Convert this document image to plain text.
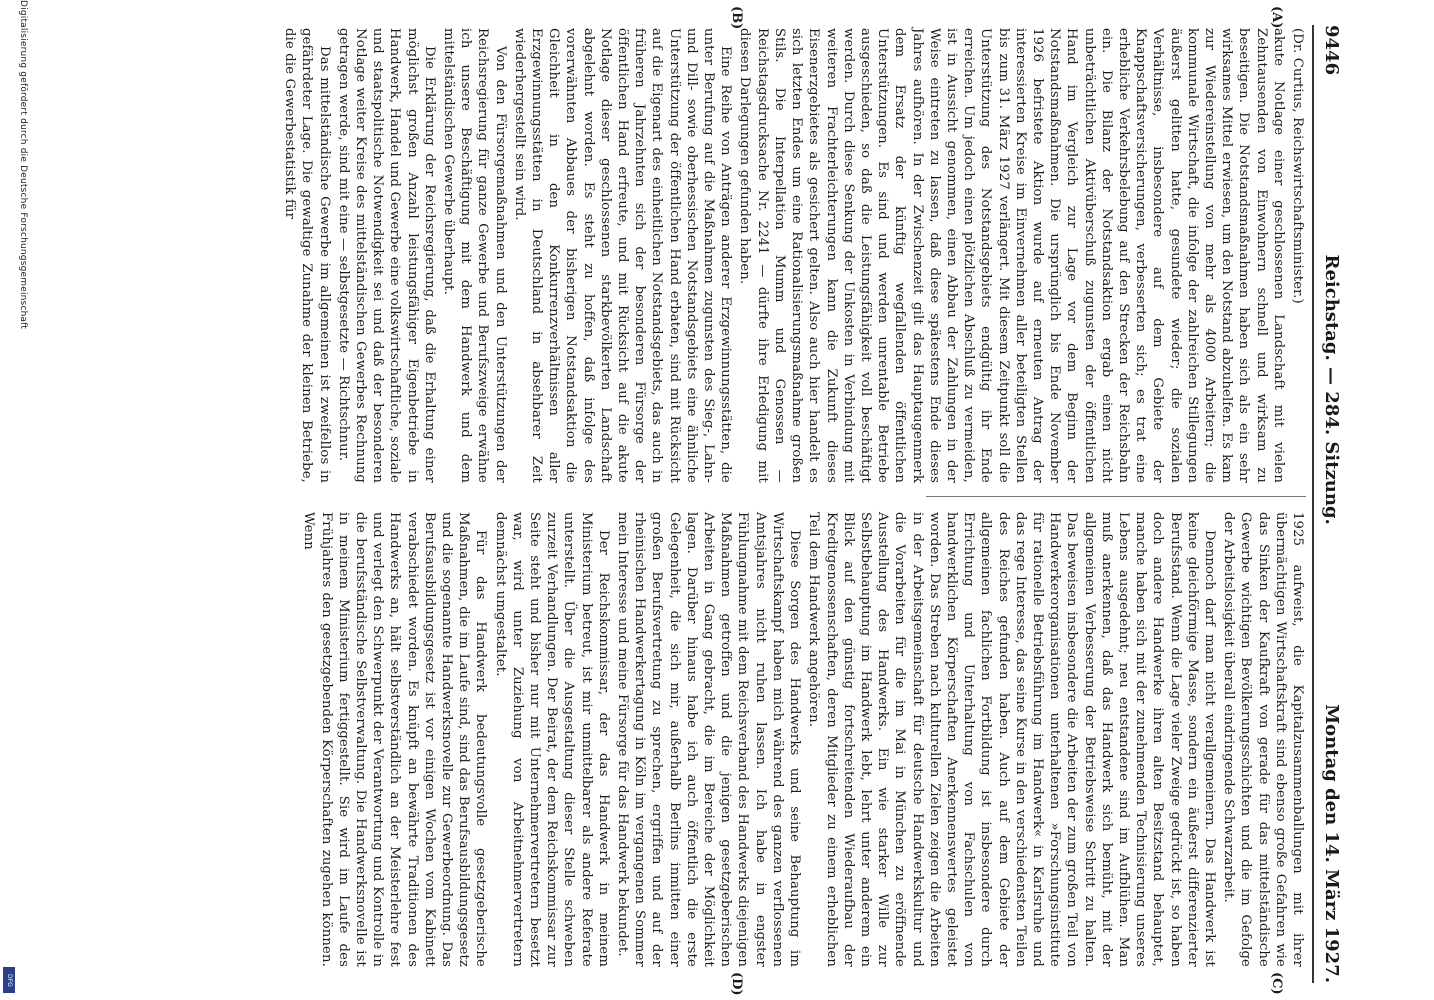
9446
Reichstag. — 284. Sitzung.
Montag den 14. März 1927.
(A)
(B)
(C)
(D)

(Dr. Curtius, Reichswirtschaftsminister.)

akute Notlage einer geschlossenen Landschaft mit vielen Zehntausenden von Einwohnern schnell und wirksam zu beseitigen. Die Notstandsmaßnahmen haben sich als ein sehr wirksames Mittel erwiesen, um den Notstand abzuhelfen. Es kam zur Wiedereinstellung von mehr als 4000 Arbeitern; die kommunale Wirtschaft, die infolge der zahlreichen Stillegungen äußerst gelitten hatte, gesundete wieder; die sozialen Verhältnisse, insbesondere auf dem Gebiete der Knappschaftsversicherungen, verbesserten sich; es trat eine erhebliche Verkehrsbelebung auf den Strecken der Reichsbahn ein. Die Bilanz der Notstandsaktion ergab einen nicht unbeträchtlichen Aktivüberschuß zugunsten der öffentlichen Hand im Vergleich zur Lage vor dem Beginn der Notstandsmaßnahmen. Die ursprünglich bis Ende November 1926 befristete Aktion wurde auf erneuten Antrag der interessierten Kreise im Einvernehmen aller beteiligten Stellen bis zum 31. März 1927 verlängert. Mit diesem Zeitpunkt soll die Unterstützung des Notstandsgebiets endgültig ihr Ende erreichen. Um jedoch einen plötzlichen Abschluß zu vermeiden, ist in Aussicht genommen, einen Abbau der Zahlungen in der Weise eintreten zu lassen, daß diese spätestens Ende dieses Jahres aufhören. In der Zwischenzeit gilt das Hauptaugenmerk dem Ersatz der künftig wegfallenden öffentlichen Unterstützungen. Es sind und werden unrentable Betriebe ausgeschieden, so daß die Leistungsfähigkeit voll beschäftigt werden. Durch diese Senkung der Unkosten in Verbindung mit weiteren Frachterleichterungen kann die Zukunft dieses Eisenerzgebietes als gesichert gelten. Also auch hier handelt es sich letzten Endes um eine Rationalisierungsmaßnahme großen Stils. Die Interpellation Mumm und Genossen — Reichstagsdrucksache Nr. 2241 — dürfte ihre Erledigung mit diesen Darlegungen gefunden haben.

Eine Reihe von Anträgen anderer Erzgewinnungsstätten, die unter Berufung auf die Maßnahmen zugunsten des Sieg-, Lahn- und Dill- sowie oberhessischen Notstandsgebiets eine ähnliche Unterstützung der öffentlichen Hand erbaten, sind mit Rücksicht auf die Eigenart des einheitlichen Notstandsgebiets, das auch in früheren Jahrzehnten sich der besonderen Fürsorge der öffentlichen Hand erfreute, und mit Rücksicht auf die akute Notlage dieser geschlossenen starkbevölkerten Landschaft abgelehnt worden. Es steht zu hoffen, daß infolge des vorerwähnten Abbaues der bisherigen Notstandsaktion die Gleichheit in den Konkurrenzverhältnissen aller Erzgewinnungsstätten in Deutschland in absehbarer Zeit wiederhergestellt sein wird.

Von den Fürsorgemaßnahmen und den Unterstützungen der Reichsregierung für ganze Gewerbe und Berufszweige erwähne ich unsere Beschäftigung mit dem Handwerk und dem mittelständischen Gewerbe überhaupt.

Die Erklärung der Reichsregierung, daß die Erhaltung einer möglichst großen Anzahl leistungsfähiger Eigenbetriebe in Handwerk, Handel und Gewerbe eine volkswirtschaftliche, soziale und staatspolitische Notwendigkeit sei und daß der besonderen Notlage weiter Kreise des mittelständischen Gewerbes Rechnung getragen werde, sind mit eine — selbstgesetzte — Richtschnur.

Das mittelständische Gewerbe im allgemeinen ist zweifellos in gefährdeter Lage. Die gewaltige Zunahme der kleinen Betriebe, die die Gewerbestatistik für

1925 aufweist, die Kapitalzusammenballungen mit ihrer übermächtigen Wirtschaftskraft sind ebenso große Gefahren wie das Sinken der Kaufkraft von gerade für das mittelständische Gewerbe wichtigen Bevölkerungsschichten und die im Gefolge der Arbeitslosigkeit überall eindringende Schwarzarbeit.

Dennoch darf man nicht verallgemeinern. Das Handwerk ist keine gleichförmige Masse, sondern ein äußerst differenzierter Berufsstand. Wenn die Lage vieler Zweige gedrückt ist, so haben doch andere Handwerke ihren alten Besitzstand behauptet, manche haben sich mit der zunehmenden Technisierung unseres Lebens ausgedehnt; neu entstandene sind im Aufblühen. Man muß anerkennen, daß das Handwerk sich bemüht, mit der allgemeinen Verbesserung der Betriebsweise Schritt zu halten. Das beweisen insbesondere die Arbeiten der zum großen Teil von Handwerkerorganisationen unterhaltenen »Forschungsinstitute für rationelle Betriebsführung im Handwerk« in Karlsruhe und das rege Interesse, das seine Kurse in den verschiedensten Teilen des Reiches gefunden haben. Auch auf dem Gebiete der allgemeinen fachlichen Fortbildung ist insbesondere durch Errichtung und Unterhaltung von Fachschulen von handwerklichen Körperschaften Anerkennenswertes geleistet worden. Das Streben nach kulturellen Zielen zeigen die Arbeiten in der Arbeitsgemeinschaft für deutsche Handwerkskultur und die Vorarbeiten für die im Mai in München zu eröffnende Ausstellung des Handwerks. Ein wie starker Wille zur Selbstbehauptung im Handwerk lebt, lehrt unter anderem ein Blick auf den günstig fortschreitenden Wiederaufbau der Kreditgenossenschaften, deren Mitglieder zu einem erheblichen Teil dem Handwerk angehören.

Diese Sorgen des Handwerks und seine Behauptung im Wirtschaftskampf haben mich während des ganzen verflossenen Amtsjahres nicht ruhen lassen. Ich habe in engster Fühlungnahme mit dem Reichsverband des Handwerks diejenigen Maßnahmen getroffen und die jenigen gesetzgeberischen Arbeiten in Gang gebracht, die im Bereiche der Möglichkeit lagen. Darüber hinaus habe ich auch öffentlich die erste Gelegenheit, die sich mir, außerhalb Berlins inmitten einer großen Berufsvertretung zu sprechen, ergriffen und auf der rheinischen Handwerkertagung in Köln im vergangenen Sommer mein Interesse und meine Fürsorge für das Handwerk bekundet.

Der Reichskommissar, der das Handwerk in meinem Ministerium betreut, ist mir unmittelbarer als andere Referate unterstellt. Über die Ausgestaltung dieser Stelle schweben zurzeit Verhandlungen. Der Beirat, der dem Reichskommissar zur Seite steht und bisher nur mit Unternehmervertretern besetzt war, wird unter Zuziehung von Arbeitnehmervertretern demnächst umgestaltet.

Für das Handwerk bedeutungsvolle gesetzgeberische Maßnahmen, die im Laufe sind, sind das Berufsausbildungsgesetz und die sogenannte Handwerksnovelle zur Gewerbeordnung. Das Berufsausbildungsgesetz ist vor einigen Wochen vom Kabinett verabschiedet worden. Es knüpft an bewährte Traditionen des Handwerks an, hält selbstverständlich an der Meisterlehre fest und verlegt den Schwerpunkt der Verantwortung und Kontrolle in die berufsständische Selbstverwaltung. Die Handwerksnovelle ist in meinem Ministerium fertiggestellt. Sie wird im Laufe des Frühjahres den gesetzgebenden Körperschaften zugehen können. Wenn

Digitalisierung gefördert durch die Deutsche Forschungsgemeinschaft
DFG
